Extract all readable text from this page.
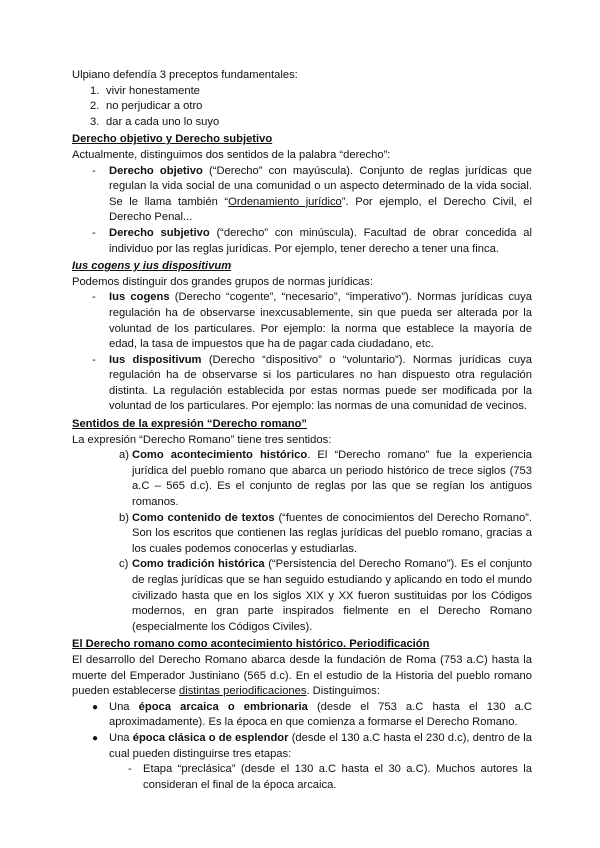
Ulpiano defendía 3 preceptos fundamentales:

1. vivir honestamente
2. no perjudicar a otro
3. dar a cada uno lo suyo

Derecho objetivo y Derecho subjetivo

Actualmente, distinguimos dos sentidos de la palabra “derecho”:

-	Derecho objetivo (“Derecho” con mayúscula). Conjunto de reglas jurídicas que regulan la vida social de una comunidad o un aspecto determinado de la vida social. Se le llama también “Ordenamiento jurídico”. Por ejemplo, el Derecho Civil, el Derecho Penal...
-	Derecho subjetivo (“derecho” con minúscula). Facultad de obrar concedida al individuo por las reglas jurídicas. Por ejemplo, tener derecho a tener una finca.

Ius cogens y ius dispositivum

Podemos distinguir dos grandes grupos de normas jurídicas:

-	Ius cogens (Derecho “cogente”, “necesario”, “imperativo”). Normas jurídicas cuya regulación ha de observarse inexcusablemente, sin que pueda ser alterada por la voluntad de los particulares. Por ejemplo: la norma que establece la mayoría de edad, la tasa de impuestos que ha de pagar cada ciudadano, etc.
-	Ius dispositivum (Derecho “dispositivo” o “voluntario”). Normas jurídicas cuya regulación ha de observarse si los particulares no han dispuesto otra regulación distinta. La regulación establecida por estas normas puede ser modificada por la voluntad de los particulares. Por ejemplo: las normas de una comunidad de vecinos.

Sentidos de la expresión “Derecho romano”

La expresión “Derecho Romano” tiene tres sentidos:

a) Como acontecimiento histórico. El “Derecho romano” fue la experiencia jurídica del pueblo romano que abarca un periodo histórico de trece siglos (753 a.C – 565 d.c). Es el conjunto de reglas por las que se regían los antiguos romanos.
b) Como contenido de textos (“fuentes de conocimientos del Derecho Romano”. Son los escritos que contienen las reglas jurídicas del pueblo romano, gracias a los cuales podemos conocerlas y estudiarlas.
c) Como tradición histórica (“Persistencia del Derecho Romano”). Es el conjunto de reglas jurídicas que se han seguido estudiando y aplicando en todo el mundo civilizado hasta que en los siglos XIX y XX fueron sustituidas por los Códigos modernos, en gran parte inspirados fielmente en el Derecho Romano (especialmente los Códigos Civiles).

El Derecho romano como acontecimiento histórico. Periodificación

El desarrollo del Derecho Romano abarca desde la fundación de Roma (753 a.C) hasta la muerte del Emperador Justiniano (565 d.c). En el estudio de la Historia del pueblo romano pueden establecerse distintas periodificaciones. Distinguimos:

● Una época arcaica o embrionaria (desde el 753 a.C hasta el 130 a.C aproximadamente). Es la época en que comienza a formarse el Derecho Romano.
● Una época clásica o de esplendor (desde el 130 a.C hasta el 230 d.c), dentro de la cual pueden distinguirse tres etapas:
-	Etapa “preclásica” (desde el 130 a.C hasta el 30 a.C). Muchos autores la consideran el final de la época arcaica.
